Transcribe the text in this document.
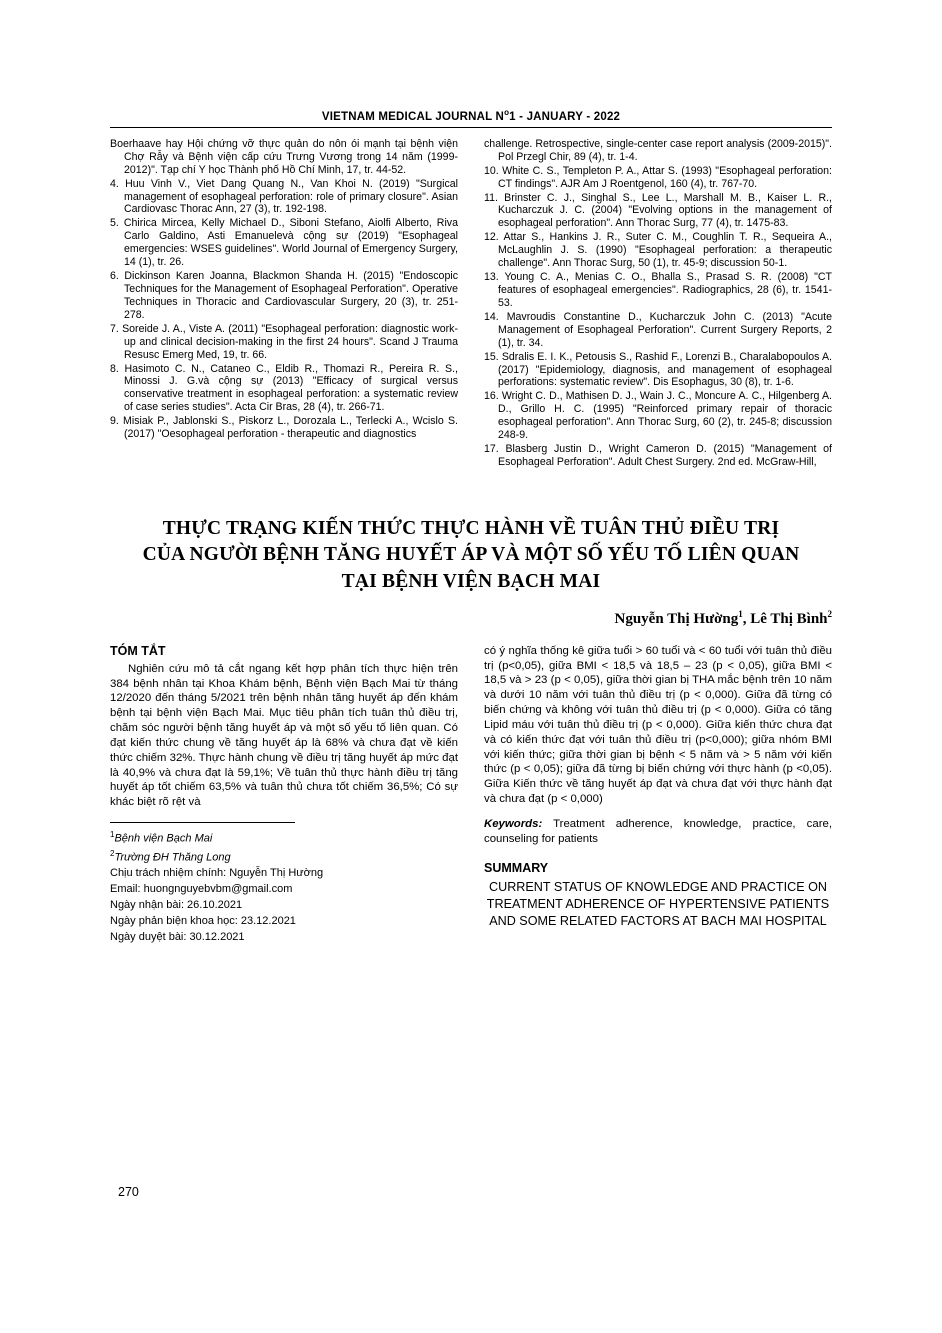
VIETNAM MEDICAL JOURNAL $N^o1$ - JANUARY - 2022
Boerhaave hay Hội chứng vỡ thực quản do nôn ói mạnh tại bệnh viện Chợ Rẫy và Bệnh viện cấp cứu Trưng Vương trong 14 năm (1999-2012)". Tạp chí Y học Thành phố Hồ Chí Minh, 17, tr. 44-52.
4. Huu Vinh V., Viet Dang Quang N., Van Khoi N. (2019) "Surgical management of esophageal perforation: role of primary closure". Asian Cardiovasc Thorac Ann, 27 (3), tr. 192-198.
5. Chirica Mircea, Kelly Michael D., Siboni Stefano, Aiolfi Alberto, Riva Carlo Galdino, Asti Emanuelevà cộng sự (2019) "Esophageal emergencies: WSES guidelines". World Journal of Emergency Surgery, 14 (1), tr. 26.
6. Dickinson Karen Joanna, Blackmon Shanda H. (2015) "Endoscopic Techniques for the Management of Esophageal Perforation". Operative Techniques in Thoracic and Cardiovascular Surgery, 20 (3), tr. 251-278.
7. Soreide J. A., Viste A. (2011) "Esophageal perforation: diagnostic work-up and clinical decision-making in the first 24 hours". Scand J Trauma Resusc Emerg Med, 19, tr. 66.
8. Hasimoto C. N., Cataneo C., Eldib R., Thomazi R., Pereira R. S., Minossi J. G.và cộng sự (2013) "Efficacy of surgical versus conservative treatment in esophageal perforation: a systematic review of case series studies". Acta Cir Bras, 28 (4), tr. 266-71.
9. Misiak P., Jablonski S., Piskorz L., Dorozala L., Terlecki A., Wcislo S. (2017) "Oesophageal perforation - therapeutic and diagnostics
challenge. Retrospective, single-center case report analysis (2009-2015)". Pol Przegl Chir, 89 (4), tr. 1-4.
10. White C. S., Templeton P. A., Attar S. (1993) "Esophageal perforation: CT findings". AJR Am J Roentgenol, 160 (4), tr. 767-70.
11. Brinster C. J., Singhal S., Lee L., Marshall M. B., Kaiser L. R., Kucharczuk J. C. (2004) "Evolving options in the management of esophageal perforation". Ann Thorac Surg, 77 (4), tr. 1475-83.
12. Attar S., Hankins J. R., Suter C. M., Coughlin T. R., Sequeira A., McLaughlin J. S. (1990) "Esophageal perforation: a therapeutic challenge". Ann Thorac Surg, 50 (1), tr. 45-9; discussion 50-1.
13. Young C. A., Menias C. O., Bhalla S., Prasad S. R. (2008) "CT features of esophageal emergencies". Radiographics, 28 (6), tr. 1541-53.
14. Mavroudis Constantine D., Kucharczuk John C. (2013) "Acute Management of Esophageal Perforation". Current Surgery Reports, 2 (1), tr. 34.
15. Sdralis E. I. K., Petousis S., Rashid F., Lorenzi B., Charalabopoulos A. (2017) "Epidemiology, diagnosis, and management of esophageal perforations: systematic review". Dis Esophagus, 30 (8), tr. 1-6.
16. Wright C. D., Mathisen D. J., Wain J. C., Moncure A. C., Hilgenberg A. D., Grillo H. C. (1995) "Reinforced primary repair of thoracic esophageal perforation". Ann Thorac Surg, 60 (2), tr. 245-8; discussion 248-9.
17. Blasberg Justin D., Wright Cameron D. (2015) "Management of Esophageal Perforation". Adult Chest Surgery. 2nd ed. McGraw-Hill,
THỰC TRẠNG KIẾN THỨC THỰC HÀNH VỀ TUÂN THỦ ĐIỀU TRỊ
CỦA NGƯỜI BỆNH TĂNG HUYẾT ÁP VÀ MỘT SỐ YẾU TỐ LIÊN QUAN
TẠI BỆNH VIỆN BẠCH MAI
Nguyễn Thị Hường$^1$, Lê Thị Bình$^2$
TÓM TẮT
Nghiên cứu mô tả cắt ngang kết hợp phân tích thực hiện trên 384 bệnh nhân tại Khoa Khám bệnh, Bệnh viện Bạch Mai từ tháng 12/2020 đến tháng 5/2021 trên bệnh nhân tăng huyết áp đến khám bệnh tại bệnh viện Bạch Mai. Mục tiêu phân tích tuân thủ điều trị, chăm sóc người bệnh tăng huyết áp và một số yếu tố liên quan. Có đạt kiến thức chung về tăng huyết áp là 68% và chưa đạt về kiến thức chiếm 32%. Thực hành chung về điều trị tăng huyết áp mức đạt là 40,9% và chưa đạt là 59,1%; Về tuân thủ thực hành điều trị tăng huyết áp tốt chiếm 63,5% và tuân thủ chưa tốt chiếm 36,5%; Có sự khác biệt rõ rệt và
$^1$Bệnh viện Bạch Mai
$^2$Trường ĐH Thăng Long
Chịu trách nhiệm chính: Nguyễn Thị Hường
Email: huongnguyebvbm@gmail.com
Ngày nhận bài: 26.10.2021
Ngày phản biện khoa học: 23.12.2021
Ngày duyệt bài: 30.12.2021
có ý nghĩa thống kê giữa tuổi > 60 tuổi và < 60 tuổi với tuân thủ điều trị (p<0,05), giữa BMI < 18,5 và 18,5 – 23 (p < 0,05), giữa BMI < 18,5 và > 23 (p < 0,05), giữa thời gian bị THA mắc bệnh trên 10 năm và dưới 10 năm với tuân thủ điều trị (p < 0,000). Giữa đã từng có biến chứng và không với tuân thủ điều trị (p < 0,000). Giữa có tăng Lipid máu với tuân thủ điều trị (p < 0,000). Giữa kiến thức chưa đạt và có kiến thức đạt với tuân thủ điều trị (p<0,000); giữa nhóm BMI với kiến thức; giữa thời gian bị bệnh < 5 năm và > 5 năm với kiến thức (p < 0,05); giữa đã từng bị biến chứng với thực hành (p <0,05). Giữa Kiến thức về tăng huyết áp đạt và chưa đạt với thực hành đạt và chưa đạt (p < 0,000)
Keywords: Treatment adherence, knowledge, practice, care, counseling for patients
SUMMARY
CURRENT STATUS OF KNOWLEDGE AND PRACTICE ON TREATMENT ADHERENCE OF HYPERTENSIVE PATIENTS AND SOME RELATED FACTORS AT BACH MAI HOSPITAL
270
